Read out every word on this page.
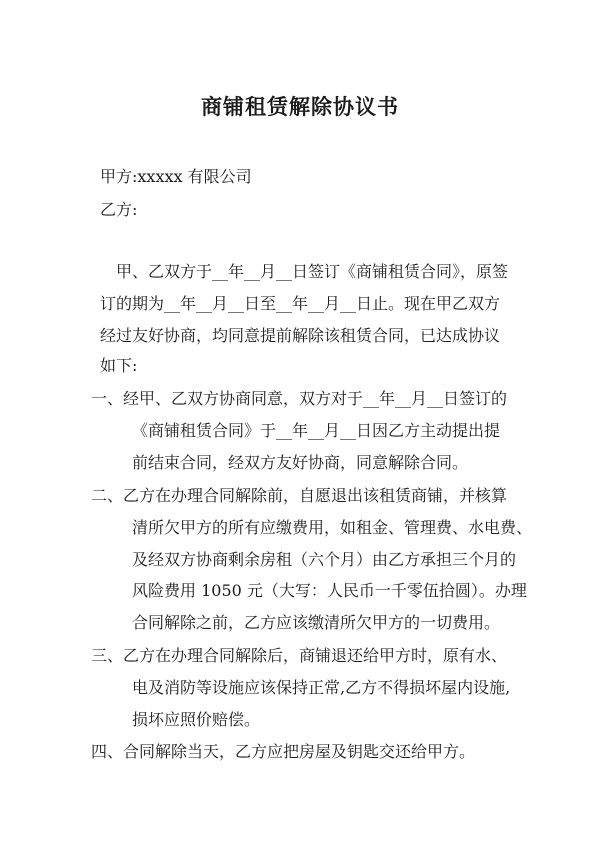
商铺租赁解除协议书

甲方:xxxxx 有限公司

乙方:

甲、乙双方于__年__月__日签订《商铺租赁合同》，原签

订的期为__年__月__日至__年__月__日止。现在甲乙双方

经过友好协商，均同意提前解除该租赁合同，已达成协议

如下:

一、经甲、乙双方协商同意，双方对于__年__月__日签订的

《商铺租赁合同》于__年__月__日因乙方主动提出提

前结束合同，经双方友好协商，同意解除合同。

二、乙方在办理合同解除前，自愿退出该租赁商铺，并核算

清所欠甲方的所有应缴费用，如租金、管理费、水电费、

及经双方协商剩余房租（六个月）由乙方承担三个月的

风险费用 1050 元（大写：人民币一千零伍拾圆）。办理

合同解除之前，乙方应该缴清所欠甲方的一切费用。

三、乙方在办理合同解除后，商铺退还给甲方时，原有水、

电及消防等设施应该保持正常,乙方不得损坏屋内设施,

损坏应照价赔偿。

四、合同解除当天，乙方应把房屋及钥匙交还给甲方。
